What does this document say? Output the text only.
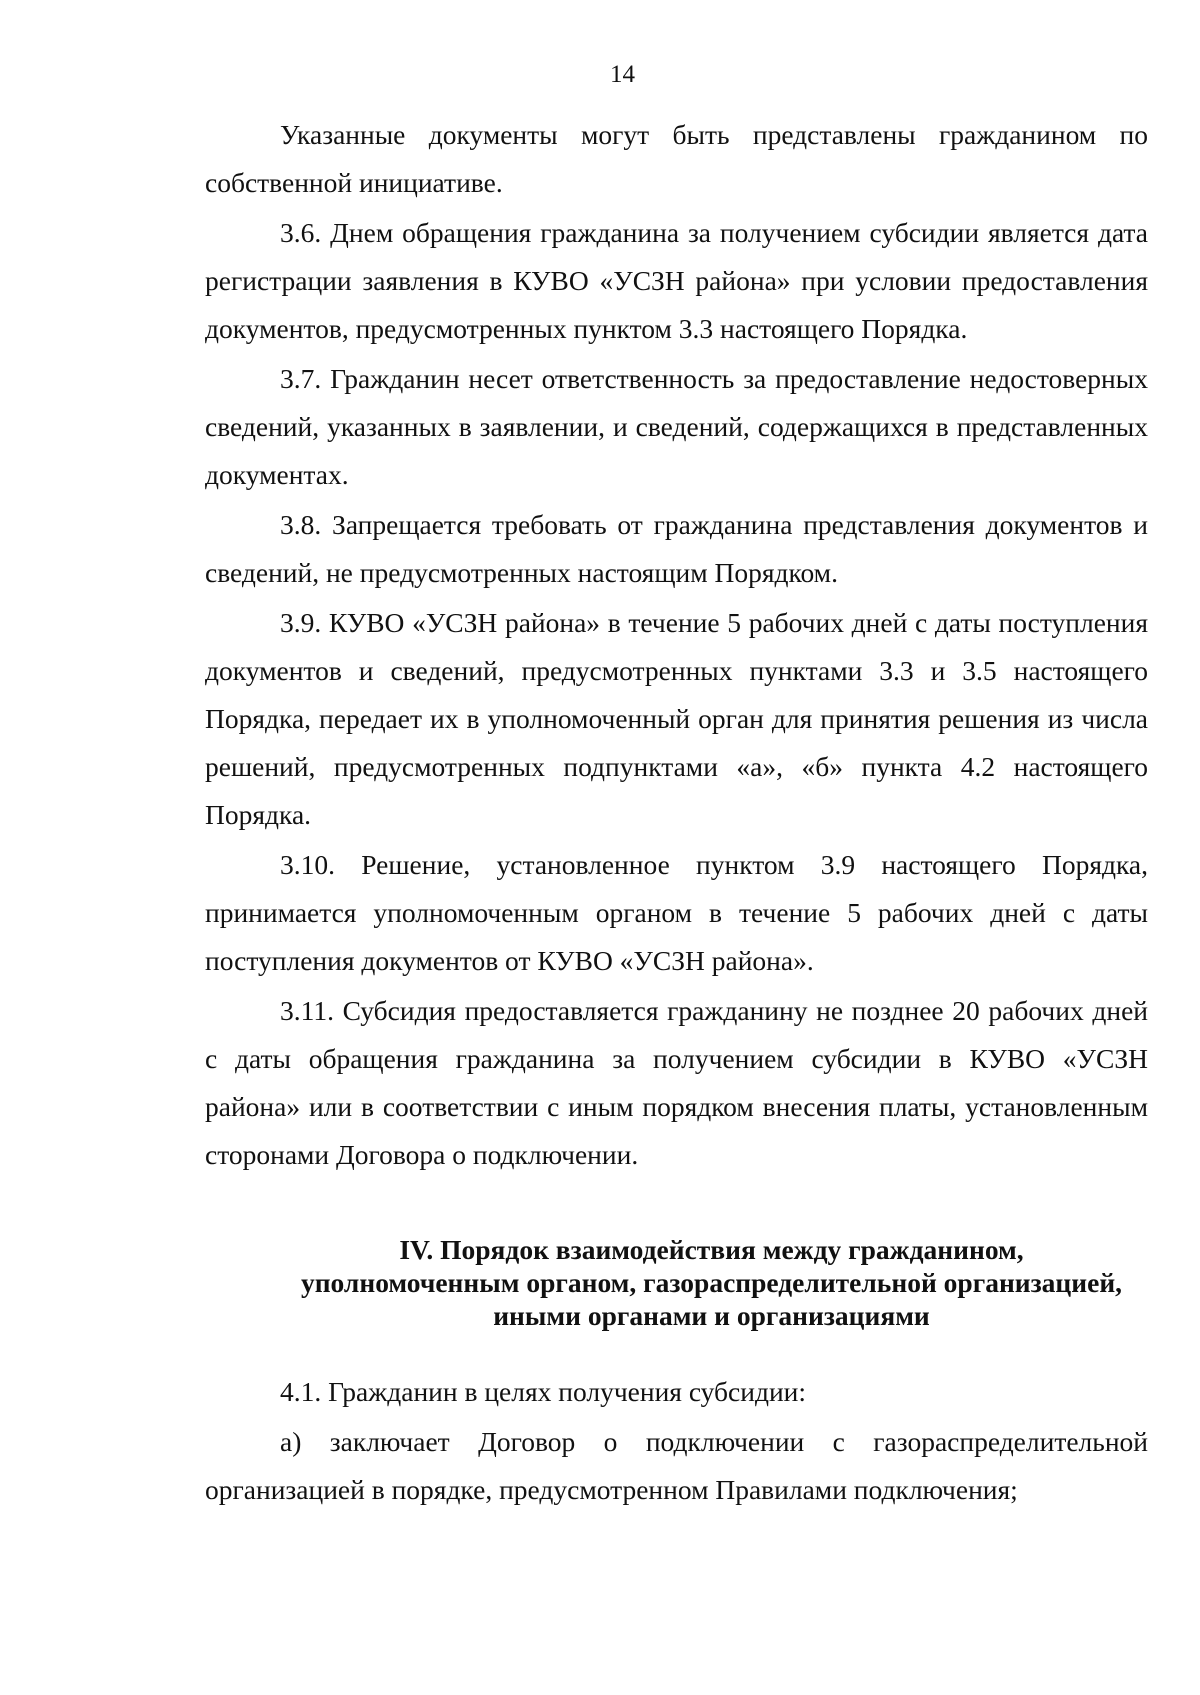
14

Указанные документы могут быть представлены гражданином по собственной инициативе.

3.6. Днем обращения гражданина за получением субсидии является дата регистрации заявления в КУВО «УСЗН района» при условии предоставления документов, предусмотренных пунктом 3.3 настоящего Порядка.

3.7. Гражданин несет ответственность за предоставление недостоверных сведений, указанных в заявлении, и сведений, содержащихся в представленных документах.

3.8. Запрещается требовать от гражданина представления документов и сведений, не предусмотренных настоящим Порядком.

3.9. КУВО «УСЗН района» в течение 5 рабочих дней с даты поступления документов и сведений, предусмотренных пунктами 3.3 и 3.5 настоящего Порядка, передает их в уполномоченный орган для принятия решения из числа решений, предусмотренных подпунктами «а», «б» пункта 4.2 настоящего Порядка.

3.10. Решение, установленное пунктом 3.9 настоящего Порядка, принимается уполномоченным органом в течение 5 рабочих дней с даты поступления документов от КУВО «УСЗН района».

3.11. Субсидия предоставляется гражданину не позднее 20 рабочих дней с даты обращения гражданина за получением субсидии в КУВО «УСЗН района» или в соответствии с иным порядком внесения платы, установленным сторонами Договора о подключении.

IV. Порядок взаимодействия между гражданином,
уполномоченным органом, газораспределительной организацией,
иными органами и организациями

4.1. Гражданин в целях получения субсидии:

а) заключает Договор о подключении с газораспределительной организацией в порядке, предусмотренном Правилами подключения;
